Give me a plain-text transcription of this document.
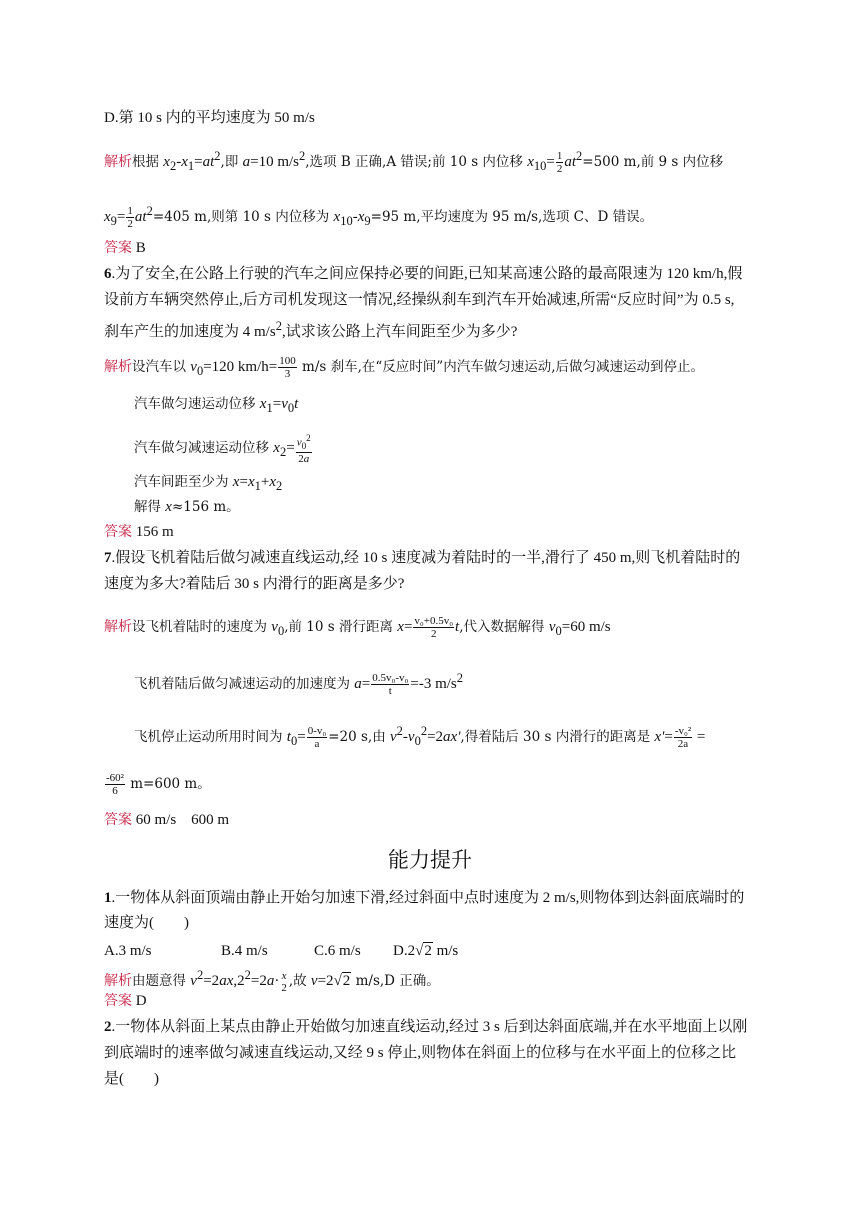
D.第 10 s 内的平均速度为 50 m/s
解析根据 $x_2-x_1=at^2$,即 a=10 $m/s^2$,选项 B 正确,A 错误;前 10 s 内位移 $x_{10}= \frac{1}{2} at^2=500$ m,前 9 s 内位移
$x_9= \frac{1}{2} at^2=405$ m,则第 10 s 内位移为 $x_{10}-x_9=95$ m,平均速度为 95 m/s,选项 C、D 错误。
答案 B
6.为了安全,在公路上行驶的汽车之间应保持必要的间距,已知某高速公路的最高限速为 120 km/h,假
设前方车辆突然停止,后方司机发现这一情况,经操纵刹车到汽车开始减速,所需“反应时间”为 0.5 s,
刹车产生的加速度为 4 $m/s^2$,试求该公路上汽车间距至少为多少?
解析设汽车以 $v_0=120$ $km/h= \frac{100}{3} m/s$ 刹车,在“反应时间”内汽车做匀速运动,后做匀减速运动到停止。
汽车做匀速运动位移 $x_1=v_0t$
汽车做匀减速运动位移 $x_2= \frac{v_0^2}{2a}$
汽车间距至少为 $x=x_1+x_2$
解得 x≈156 m。
答案 156 m
7.假设飞机着陆后做匀减速直线运动,经 10 s 速度减为着陆时的一半,滑行了 450 m,则飞机着陆时的
速度为多大?着陆后 30 s 内滑行的距离是多少?
解析设飞机着陆时的速度为 $v_0$,前 10 s 滑行距离 $x= \frac{\text{v₀+0.5v₀}}{2} t$,代入数据解得 $v_0=60$ m/s
飞机着陆后做匀减速运动的加速度为 $a= \frac{\text{0.5v₀-v₀}}{t} =-3$ $m/s^2$
飞机停止运动所用时间为 $t_0= \frac{\text{0-v₀}}{a} =20$ s,由 $v^2-v_0^2=2ax'$,得着陆后 30 s 内滑行的距离是 $x'= \frac{\text{-v₀²}}{2a}$ =
$\frac{\text{-60²}}{6} m=600$ m。
答案 60 m/s    600 m
能力提升
1.一物体从斜面顶端由静止开始匀加速下滑,经过斜面中点时速度为 2 m/s,则物体到达斜面底端时的
速度为(        )
A.3 m/s	B.4 m/s	C.6 m/s D.2√2 m/s
解析由题意得 $v^2=2ax,2^2=2a\cdot x$
2 ,故 v=2√2 m/s,D 正确。
答案 D
2.一物体从斜面上某点由静止开始做匀加速直线运动,经过 3 s 后到达斜面底端,并在水平地面上以刚
到底端时的速率做匀减速直线运动,又经 9 s 停止,则物体在斜面上的位移与在水平面上的位移之比
是(        )
